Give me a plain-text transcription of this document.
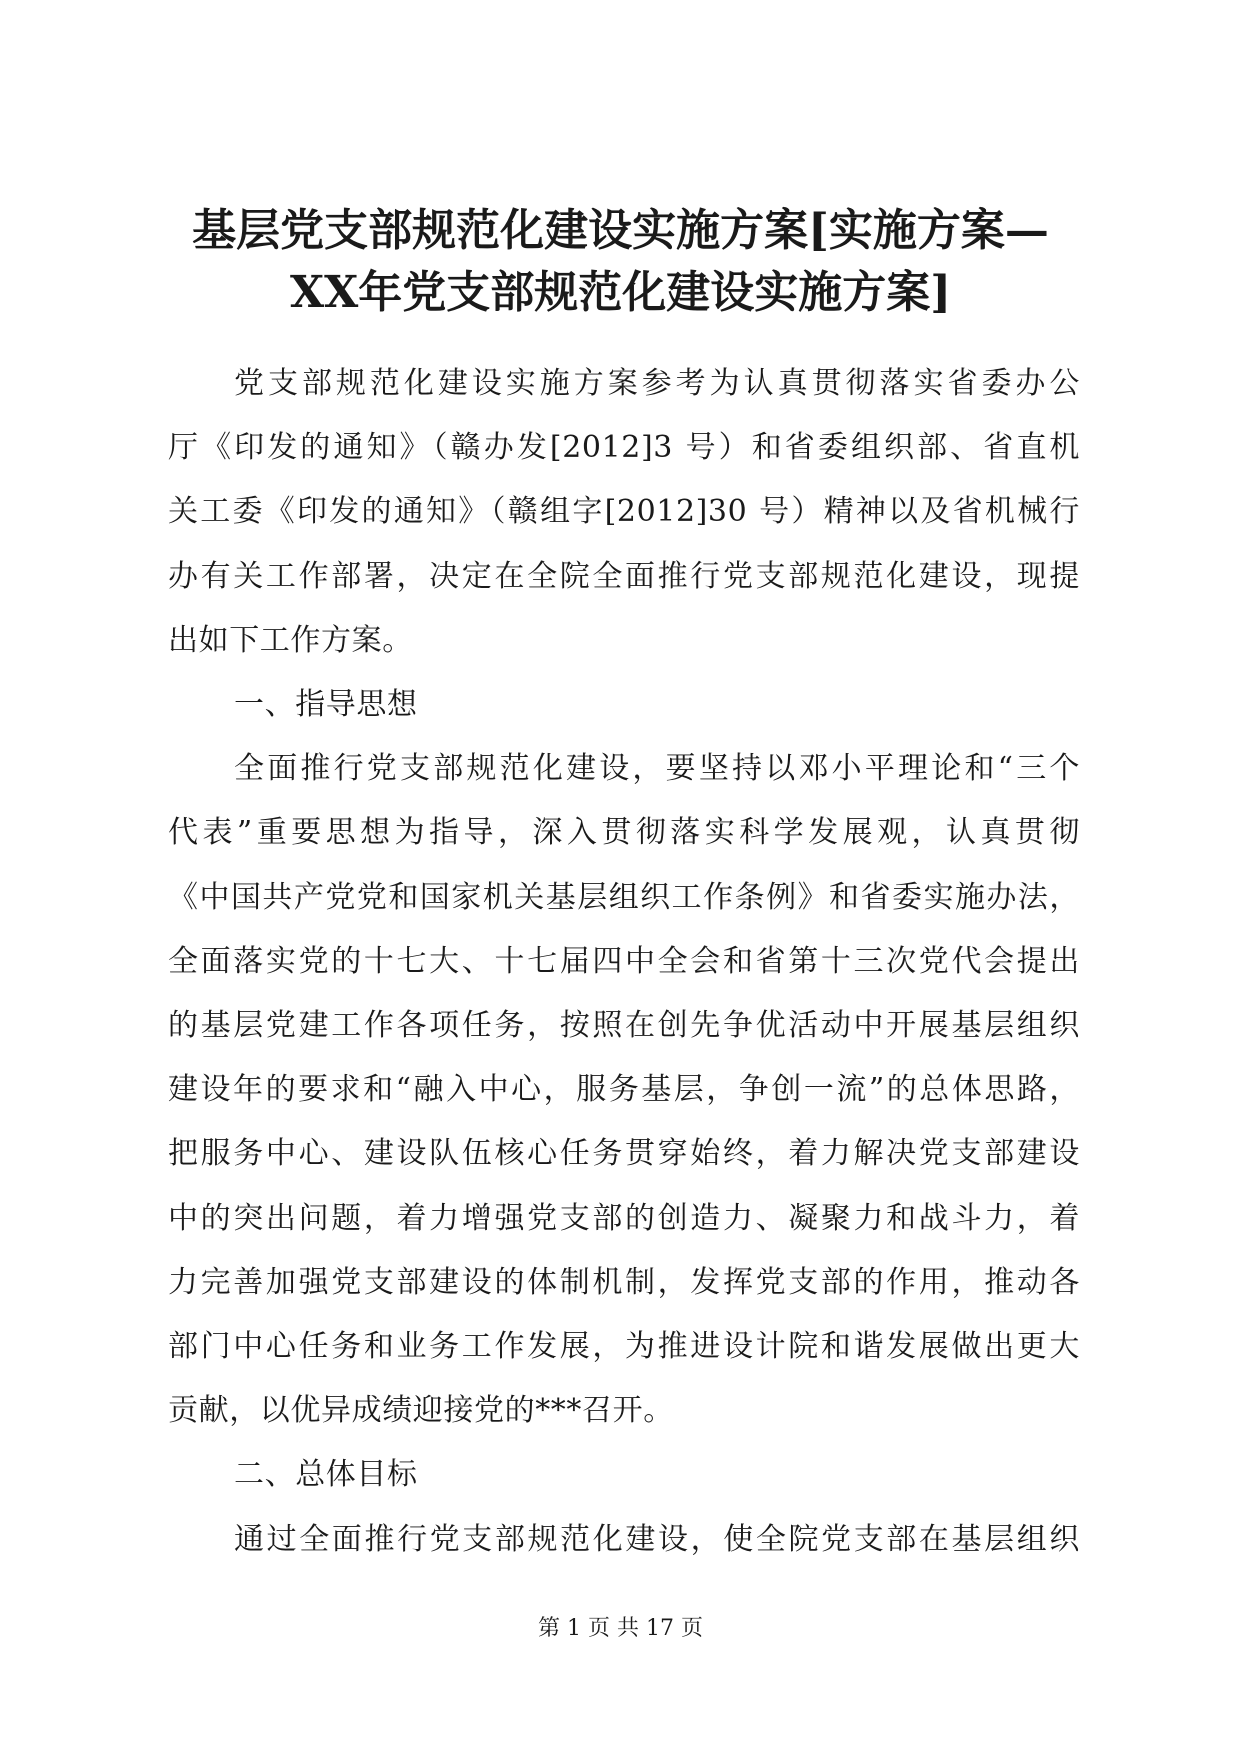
基层党支部规范化建设实施方案[实施方案—
XX年党支部规范化建设实施方案]

党支部规范化建设实施方案参考为认真贯彻落实省委办公
厅《印发的通知》（赣办发[2012]3 号）和省委组织部、省直机
关工委《印发的通知》（赣组字[2012]30 号）精神以及省机械行
办有关工作部署，决定在全院全面推行党支部规范化建设，现提
出如下工作方案。

一、指导思想

全面推行党支部规范化建设，要坚持以邓小平理论和“三个
代表”重要思想为指导，深入贯彻落实科学发展观，认真贯彻
《中国共产党党和国家机关基层组织工作条例》和省委实施办法，
全面落实党的十七大、十七届四中全会和省第十三次党代会提出
的基层党建工作各项任务，按照在创先争优活动中开展基层组织
建设年的要求和“融入中心，服务基层，争创一流”的总体思路，
把服务中心、建设队伍核心任务贯穿始终，着力解决党支部建设
中的突出问题，着力增强党支部的创造力、凝聚力和战斗力，着
力完善加强党支部建设的体制机制，发挥党支部的作用，推动各
部门中心任务和业务工作发展，为推进设计院和谐发展做出更大
贡献，以优异成绩迎接党的***召开。

二、总体目标

通过全面推行党支部规范化建设，使全院党支部在基层组织

第 1 页 共 17 页
